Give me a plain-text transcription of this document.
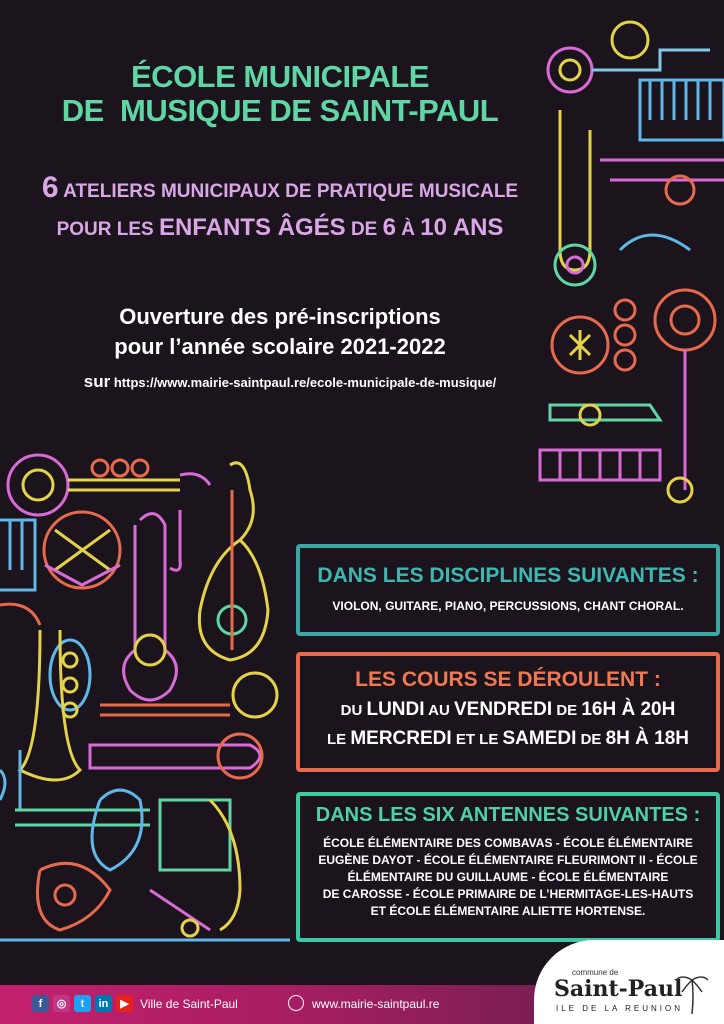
ÉCOLE MUNICIPALE
DE  MUSIQUE DE SAINT-PAUL
6 ATELIERS MUNICIPAUX DE PRATIQUE MUSICALE
POUR LES ENFANTS ÂGÉS DE 6 À 10 ANS
Ouverture des pré-inscriptions
pour l’année scolaire 2021-2022
sur https://www.mairie-saintpaul.re/ecole-municipale-de-musique/
DANS LES DISCIPLINES SUIVANTES :
VIOLON, GUITARE, PIANO, PERCUSSIONS, CHANT CHORAL.
LES COURS SE DÉROULENT :
DU LUNDI AU VENDREDI DE 16H À 20H
LE MERCREDI ET LE SAMEDI DE 8H À 18H
DANS LES SIX ANTENNES SUIVANTES :
ÉCOLE ÉLÉMENTAIRE DES COMBAVAS - ÉCOLE ÉLÉMENTAIRE
EUGÈNE DAYOT - ÉCOLE ÉLÉMENTAIRE FLEURIMONT II - ÉCOLE
ÉLÉMENTAIRE DU GUILLAUME - ÉCOLE ÉLÉMENTAIRE
DE CAROSSE - ÉCOLE PRIMAIRE DE L’HERMITAGE-LES-HAUTS
ET ÉCOLE ÉLÉMENTAIRE ALIETTE HORTENSE.
f	◎	t	in	▶ Ville de Saint-Paul	www.mairie-saintpaul.re
commune de
Saint-Paul
ILE DE LA REUNION
